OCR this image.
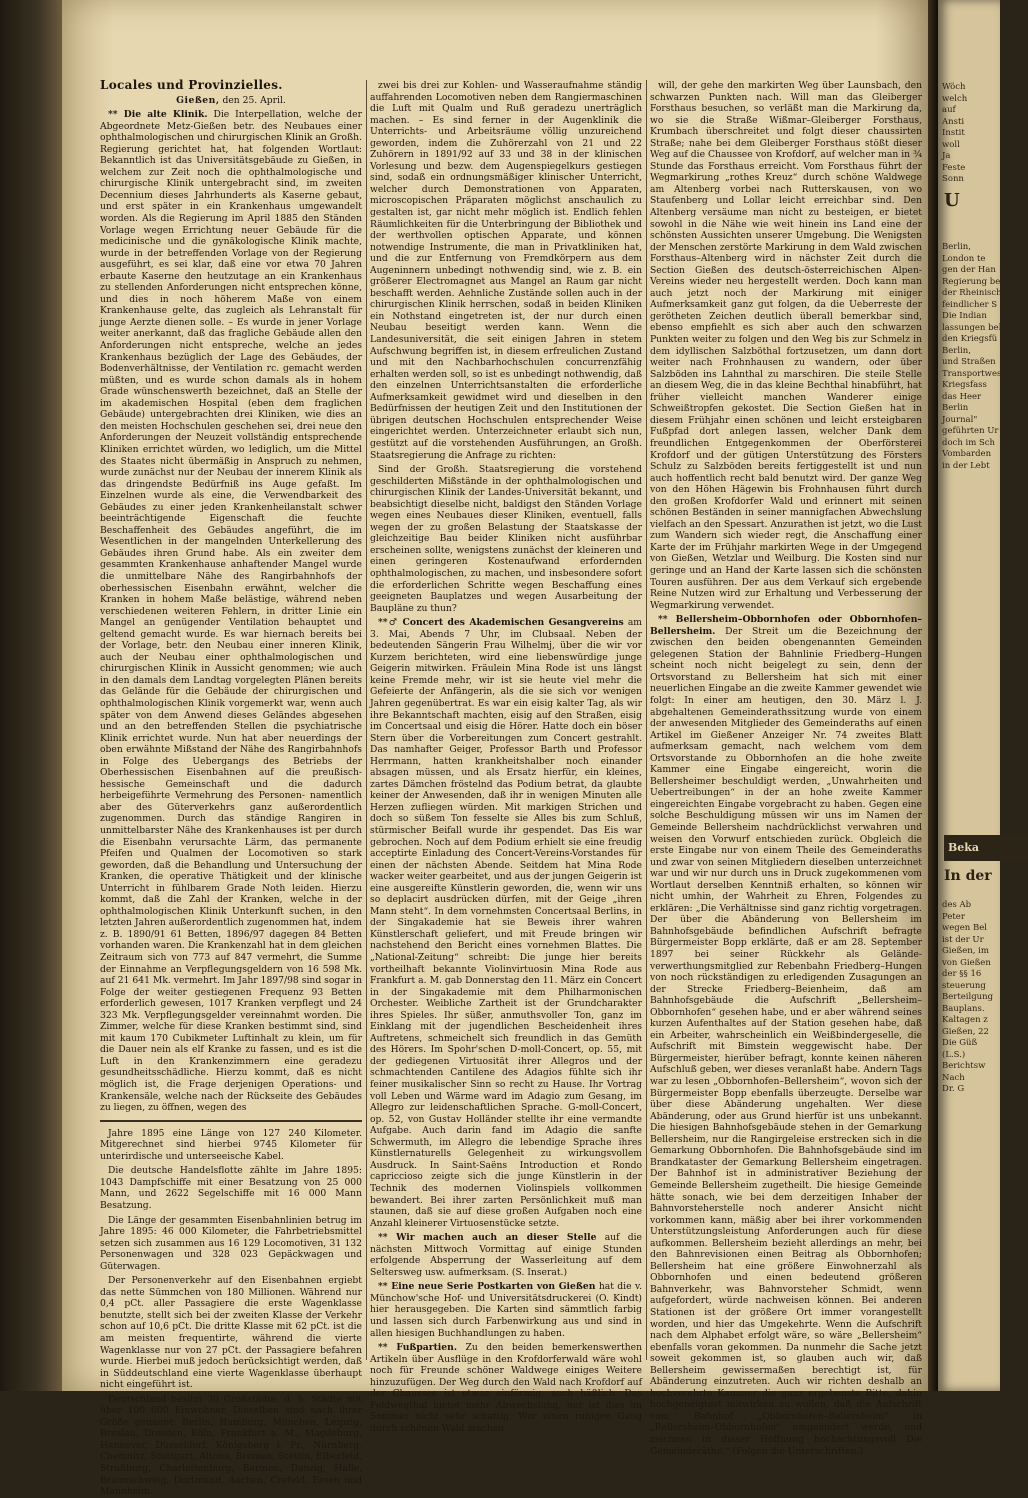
Locales und Provinzielles.
Gießen, den 25. April.

** Die alte Klinik. Die Interpellation, welche der Abgeordnete Metz-Gießen betr. des Neubaues einer ophthalmologischen und chirurgischen Klinik an Großh. Regierung gerichtet hat, hat folgenden Wortlaut: Bekanntlich ist das Universitätsgebäude zu Gießen, in welchem zur Zeit noch die ophthalmologische und chirurgische Klinik untergebracht sind, im zweiten Decennium dieses Jahrhunderts als Kaserne gebaut, und erst später in ein Krankenhaus umgewandelt worden. Als die Regierung im April 1885 den Ständen Vorlage wegen Errichtung neuer Gebäude für die medicinische und die gynäkologische Klinik machte, wurde in der betreffenden Vorlage von der Regierung ausgeführt, es sei klar, daß eine vor etwa 70 Jahren erbaute Kaserne den heutzutage an ein Krankenhaus zu stellenden Anforderungen nicht entsprechen könne, und dies in noch höherem Maße von einem Krankenhause gelte, das zugleich als Lehranstalt für junge Aerzte dienen solle. – Es wurde in jener Vorlage weiter anerkannt, daß das fragliche Gebäude allen den Anforderungen nicht entspreche, welche an jedes Krankenhaus bezüglich der Lage des Gebäudes, der Bodenverhältnisse, der Ventilation rc. gemacht werden müßten, und es wurde schon damals als in hohem Grade wünschenswerth bezeichnet, daß an Stelle der im akademischen Hospital (eben dem fraglichen Gebäude) untergebrachten drei Kliniken, wie dies an den meisten Hochschulen geschehen sei, drei neue den Anforderungen der Neuzeit vollständig entsprechende Kliniken errichtet würden, wo lediglich, um die Mittel des Staates nicht übermäßig in Anspruch zu nehmen, wurde zunächst nur der Neubau der innerem Klinik als das dringendste Bedürfniß ins Auge gefaßt. Im Einzelnen wurde als eine, die Verwendbarkeit des Gebäudes zu einer jeden Krankenheilanstalt schwer beeinträchtigende Eigenschaft die feuchte Beschaffenheit des Gebäudes angeführt, die im Wesentlichen in der mangelnden Unterkellerung des Gebäudes ihren Grund habe. Als ein zweiter dem gesammten Krankenhause anhaftender Mangel wurde die unmittelbare Nähe des Rangirbahnhofs der oberhessischen Eisenbahn erwähnt, welcher die Kranken in hohem Maße belästige, während neben verschiedenen weiteren Fehlern, in dritter Linie ein Mangel an genügender Ventilation behauptet und geltend gemacht wurde. Es war hiernach bereits bei der Vorlage, betr. den Neubau einer inneren Klinik, auch der Neubau einer ophthalmologischen und chirurgischen Klinik in Aussicht genommen; wie auch in den damals dem Landtag vorgelegten Plänen bereits das Gelände für die Gebäude der chirurgischen und ophthalmologischen Klinik vorgemerkt war, wenn auch später von dem Anwend dieses Geländes abgesehen und an den betreffenden Stellen die psychiatrische Klinik errichtet wurde. Nun hat aber neuerdings der oben erwähnte Mißstand der Nähe des Rangirbahnhofs in Folge des Uebergangs des Betriebs der Oberhessischen Eisenbahnen auf die preußisch-hessische Gemeinschaft und die dadurch herbeigeführte Vermehrung des Personen- namentlich aber des Güterverkehrs ganz außerordentlich zugenommen. Durch das ständige Rangiren in unmittelbarster Nähe des Krankenhauses ist per durch die Eisenbahn verursachte Lärm, das permanente Pfeifen und Qualmen der Locomotiven so stark geworden, daß die Behandlung und Untersuchung der Kranken, die operative Thätigkeit und der klinische Unterricht in fühlbarem Grade Noth leiden. Hierzu kommt, daß die Zahl der Kranken, welche in der ophthalmologischen Klinik Unterkunft suchen, in den letzten Jahren außerordentlich zugenommen hat, indem z. B. 1890/91 61 Betten, 1896/97 dagegen 84 Betten vorhanden waren. Die Krankenzahl hat in dem gleichen Zeitraum sich von 773 auf 847 vermehrt, die Summe der Einnahme an Verpflegungsgeldern von 16 598 Mk. auf 21 641 Mk. vermehrt. Im Jahr 1897/98 sind sogar in Folge der weiter gestiegenen Frequenz 93 Betten erforderlich gewesen, 1017 Kranken verpflegt und 24 323 Mk. Verpflegungsgelder vereinnahmt worden. Die Zimmer, welche für diese Kranken bestimmt sind, sind mit kaum 170 Cubikmeter Luftinhalt zu klein, um für die Dauer nein als elf Kranke zu fassen, und es ist die Luft in den Krankenzimmern eine geradezu gesundheitsschädliche. Hierzu kommt, daß es nicht möglich ist, die Frage derjenigen Operations- und Krankensäle, welche nach der Rückseite des Gebäudes zu liegen, zu öffnen, wegen des

Jahre 1895 eine Länge von 127 240 Kilometer. Mitgerechnet sind hierbei 9745 Kilometer für unterirdische und unterseeische Kabel.

Die deutsche Handelsflotte zählte im Jahre 1895: 1043 Dampfschiffe mit einer Besatzung von 25 000 Mann, und 2622 Segelschiffe mit 16 000 Mann Besatzung.

Die Länge der gesammten Eisenbahnlinien betrug im Jahre 1895: 46 000 Kilometer, die Fahrbetriebsmittel setzen sich zusammen aus 16 129 Locomotiven, 31 132 Personenwagen und 328 023 Gepäckwagen und Güterwagen.

Der Personenverkehr auf den Eisenbahnen ergiebt das nette Sümmchen von 180 Millionen. Während nur 0,4 pCt. aller Passagiere die erste Wagenklasse benutzte, stellt sich bei der zweiten Klasse der Verkehr schon auf 10,6 pCt. Die dritte Klasse mit 62 pCt. ist die am meisten frequentirte, während die vierte Wagenklasse nur von 27 pCt. der Passagiere befahren wurde. Hierbei muß jedoch berücksichtigt werden, daß in Süddeutschland eine vierte Wagenklasse überhaupt nicht eingeführt ist.

Deutschland besitzt 30 Großstädte, d. h. Städte mit über 100 000 Einwohner. Dieselben sind nach ihrer Größe genannt: Berlin, Hamburg, München, Leipzig, Breslau, Dresden, Köln, Frankfurt a. M., Magdeburg, Hannover, Düsseldorf, Königsberg i. Pr., Nürnberg, Chemnitz, Stuttgart, Altona, Bremen, Stettin, Elberfeld, Straßburg, Charlottenburg, Barmen, Danzig, Halle, Braunschweig, Dortmund, Aachen, Crefeld, Essen und Mannheim.

zwei bis drei zur Kohlen- und Wasseraufnahme ständig auffahrenden Locomotiven neben dem Rangiermaschinen die Luft mit Qualm und Ruß geradezu unerträglich machen. – Es sind ferner in der Augenklinik die Unterrichts- und Arbeitsräume völlig unzureichend geworden, indem die Zuhörerzahl von 21 und 22 Zuhörern in 1891/92 auf 33 und 38 in der klinischen Vorlesung und bezw. dem Augenspiegelkurs gestiegen sind, sodaß ein ordnungsmäßiger klinischer Unterricht, welcher durch Demonstrationen von Apparaten, microscopischen Präparaten möglichst anschaulich zu gestalten ist, gar nicht mehr möglich ist. Endlich fehlen Räumlichkeiten für die Unterbringung der Bibliothek und der werthvollen optischen Apparate, und können notwendige Instrumente, die man in Privatkliniken hat, und die zur Entfernung von Fremdkörpern aus dem Augeninnern unbedingt nothwendig sind, wie z. B. ein größerer Electromagnet aus Mangel an Raum gar nicht beschafft werden. Aehnliche Zustände sollen auch in der chirurgischen Klinik herrschen, sodaß in beiden Kliniken ein Nothstand eingetreten ist, der nur durch einen Neubau beseitigt werden kann. Wenn die Landesuniversität, die seit einigen Jahren in stetem Aufschwung begriffen ist, in diesem erfreulichen Zustand und mit den Nachbarhochschulen concurrenzfähig erhalten werden soll, so ist es unbedingt nothwendig, daß den einzelnen Unterrichtsanstalten die erforderliche Aufmerksamkeit gewidmet wird und dieselben in den Bedürfnissen der heutigen Zeit und den Institutionen der übrigen deutschen Hochschulen entsprechender Weise eingerichtet werden. Unterzeichneter erlaubt sich nun, gestützt auf die vorstehenden Ausführungen, an Großh. Staatsregierung die Anfrage zu richten:

Sind der Großh. Staatsregierung die vorstehend geschilderten Mißstände in der ophthalmologischen und chirurgischen Klinik der Landes-Universität bekannt, und beabsichtigt dieselbe nicht, baldigst den Ständen Vorlage wegen eines Neubaues dieser Kliniken, eventuell, falls wegen der zu großen Belastung der Staatskasse der gleichzeitige Bau beider Kliniken nicht ausführbar erscheinen sollte, wenigstens zunächst der kleineren und einen geringeren Kostenaufwand erfordernden ophthalmologischen, zu machen, und insbesondere sofort die erforderlichen Schritte wegen Beschaffung eines geeigneten Bauplatzes und wegen Ausarbeitung der Baupläne zu thun?

**♂ Concert des Akademischen Gesangvereins am 3. Mai, Abends 7 Uhr, im Clubsaal. Neben der bedeutenden Sängerin Frau Wilhelmj, über die wir vor Kurzem berichteten, wird eine liebenswürdige junge Geigerin mitwirken. Fräulein Mina Rode ist uns längst keine Fremde mehr, wir ist sie heute viel mehr die Gefeierte der Anfängerin, als die sie sich vor wenigen Jahren gegenübertrat. Es war ein eisig kalter Tag, als wir ihre Bekanntschaft machten, eisig auf den Straßen, eisig im Concertsaal und eisig die Hörer. Hatte doch ein böser Stern über die Vorbereitungen zum Concert gestrahlt. Das namhafter Geiger, Professor Barth und Professor Herrmann, hatten krankheitshalber noch einander absagen müssen, und als Ersatz hierfür, ein kleines, zartes Dämchen fröstelnd das Podium betrat, da glaubte keiner der Anwesenden, daß ihr in wenigen Minuten alle Herzen zufliegen würden. Mit markigen Strichen und doch so süßem Ton fesselte sie Alles bis zum Schluß, stürmischer Beifall wurde ihr gespendet. Das Eis war gebrochen. Noch auf dem Podium erhielt sie eine freudig acceptirte Einladung des Concert-Vereins-Vorstandes für einen der nächsten Abende. Seitdem hat Mina Rode wacker weiter gearbeitet, und aus der jungen Geigerin ist eine ausgereifte Künstlerin geworden, die, wenn wir uns so deplacirt ausdrücken dürfen, mit der Geige „ihren Mann steht“. In dem vornehmsten Concertsaal Berlins, in der Singakademie hat sie Beweis ihrer wahren Künstlerschaft geliefert, und mit Freude bringen wir nachstehend den Bericht eines vornehmen Blattes. Die „National-Zeitung“ schreibt: Die junge hier bereits vortheilhaft bekannte Violinvirtuosin Mina Rode aus Frankfurt a. M. gab Donnerstag den 11. März ein Concert in der Singakademie mit dem Philharmonischen Orchester. Weibliche Zartheit ist der Grundcharakter ihres Spieles. Ihr süßer, anmuthsvoller Ton, ganz im Einklang mit der jugendlichen Bescheidenheit ihres Auftretens, schmeichelt sich freundlich in das Gemüth des Hörers. Im Spohr'schen D-moll-Concert, op. 55, mit der gediegenen Virtuosität ihrer Allegros und der schmachtenden Cantilene des Adagios fühlte sich ihr feiner musikalischer Sinn so recht zu Hause. Ihr Vortrag voll Leben und Wärme ward im Adagio zum Gesang, im Allegro zur leidenschaftlichen Sprache. G-moll-Concert, op. 52, von Gustav Holländer stellte ihr eine vermandte Aufgabe. Auch darin fand im Adagio die sanfte Schwermuth, im Allegro die lebendige Sprache ihres Künstlernaturells Gelegenheit zu wirkungsvollem Ausdruck. In Saint-Saëns Introduction et Rondo capriccioso zeigte sich die junge Künstlerin in der Technik des modernen Violinspiels vollkommen bewandert. Bei ihrer zarten Persönlichkeit muß man staunen, daß sie auf diese großen Aufgaben noch eine Anzahl kleinerer Virtuosenstücke setzte.

** Wir machen auch an dieser Stelle auf die nächsten Mittwoch Vormittag auf einige Stunden erfolgende Absperrung der Wasserleitung auf dem Seltersweg usw. aufmerksam. (S. Inserat.)

** Eine neue Serie Postkarten von Gießen hat die v. Münchow'sche Hof- und Universitätsdruckerei (O. Kindt) hier herausgegeben. Die Karten sind sämmtlich farbig und lassen sich durch Farbenwirkung aus und sind in allen hiesigen Buchhandlungen zu haben.

** Fußpartien. Zu den beiden bemerkenswerthen Artikeln über Ausflüge in den Krofdorferwald wäre wohl noch für Freunde schöner Waldwege einiges Weitere hinzuzufügen. Der Weg durch den Wald nach Krofdorf auf der Chaussee ist etwas einförmig, auch häßlich. Das Feldwegthal bietet mehr Abwechslung, nur ist dies im Sommer nicht sehr schattig. Wer einen ruhigen Gang durch schönen Wald machen

will, der gehe den markirten Weg über Launsbach, den schwarzen Punkten nach. Will man das Gleiberger Forsthaus besuchen, so verläßt man die Markirung da, wo sie die Straße Wißmar–Gleiberger Forsthaus, Krumbach überschreitet und folgt dieser chaussirten Straße; nahe bei dem Gleiberger Forsthaus stößt dieser Weg auf die Chaussee von Krofdorf, auf welcher man in ¾ Stunde das Forsthaus erreicht. Vom Forsthaus führt der Wegmarkirung „rothes Kreuz“ durch schöne Waldwege am Altenberg vorbei nach Rutterskausen, von wo Staufenberg und Lollar leicht erreichbar sind. Den Altenberg versäume man nicht zu besteigen, er bietet sowohl in die Nähe wie weit hinein ins Land eine der schönsten Aussichten unserer Umgebung. Die Wenigsten der Menschen zerstörte Markirung in dem Wald zwischen Forsthaus–Altenberg wird in nächster Zeit durch die Section Gießen des deutsch-österreichischen Alpen-Vereins wieder neu hergestellt werden. Doch kann man auch jetzt noch der Markirung mit einiger Aufmerksamkeit ganz gut folgen, da die Ueberreste der gerötheten Zeichen deutlich überall bemerkbar sind, ebenso empfiehlt es sich aber auch den schwarzen Punkten weiter zu folgen und den Weg bis zur Schmelz in dem idyllischen Salzböthal fortzusetzen, um dann dort weiter nach Frohnhausen zu wandern, oder über Salzböden ins Lahnthal zu marschiren. Die steile Stelle an diesem Weg, die in das kleine Bechthal hinabführt, hat früher vielleicht manchen Wanderer einige Schweißtropfen gekostet. Die Section Gießen hat in diesem Frühjahr einen schönen und leicht ersteigbaren Fußpfad dort anlegen lassen, welcher Dank dem freundlichen Entgegenkommen der Oberförsterei Krofdorf und der gütigen Unterstützung des Försters Schulz zu Salzböden bereits fertiggestellt ist und nun auch hoffentlich recht bald benutzt wird. Der ganze Weg von den Höhen Hägewin bis Frohnhausen führt durch den großen Krofdorfer Wald und erinnert mit seinen schönen Beständen in seiner mannigfachen Abwechslung vielfach an den Spessart. Anzurathen ist jetzt, wo die Lust zum Wandern sich wieder regt, die Anschaffung einer Karte der im Frühjahr markirten Wege in der Umgegend von Gießen, Wetzlar und Weilburg. Die Kosten sind nur geringe und an Hand der Karte lassen sich die schönsten Touren ausführen. Der aus dem Verkauf sich ergebende Reine Nutzen wird zur Erhaltung und Verbesserung der Wegmarkirung verwendet.

** Bellersheim–Obbornhofen oder Obbornhofen–Bellersheim. Der Streit um die Bezeichnung der zwischen den beiden obengenannten Gemeinden gelegenen Station der Bahnlinie Friedberg–Hungen scheint noch nicht beigelegt zu sein, denn der Ortsvorstand zu Bellersheim hat sich mit einer neuerlichen Eingabe an die zweite Kammer gewendet wie folgt: In einer am heutigen, den 30. März l. J. abgehaltenen Gemeinderathssitzung wurde von einem der anwesenden Mitglieder des Gemeinderaths auf einen Artikel im Gießener Anzeiger Nr. 74 zweites Blatt aufmerksam gemacht, nach welchem vom dem Ortsvorstande zu Obbornhofen an die hohe zweite Kammer eine Eingabe eingereicht, worin die Bellersheimer beschuldigt werden, „Unwahrheiten und Uebertreibungen“ in der an hohe zweite Kammer eingereichten Eingabe vorgebracht zu haben. Gegen eine solche Beschuldigung müssen wir uns im Namen der Gemeinde Bellersheim nachdrücklichst verwahren und weisen den Vorwurf entschieden zurück. Obgleich die erste Eingabe nur von einem Theile des Gemeinderaths und zwar von seinen Mitgliedern dieselben unterzeichnet war und wir nur durch uns in Druck zugekommenen vom Wortlaut derselben Kenntniß erhalten, so können wir nicht umhin, der Wahrheit zu Ehren, Folgendes zu erklären: „Die Verhältnisse sind ganz richtig vorgetragen. Der über die Abänderung von Bellersheim im Bahnhofsgebäude befindlichen Aufschrift befragte Bürgermeister Bopp erklärte, daß er am 28. September 1897 bei seiner Rückkehr als Gelände-verwerthungsmitglied zur Rebenbahn Friedberg–Hungen von noch rückständigen zu erledigenden Zusagungen an der Strecke Friedberg–Beienheim, daß am Bahnhofsgebäude die Aufschrift „Bellersheim–Obbornhofen“ gesehen habe, und er aber während seines kurzen Aufenthaltes auf der Station gesehen habe, daß ein Arbeiter, wahrscheinlich ein Weißbindergeselle, die Aufschrift mit Bimstein weggewischt habe. Der Bürgermeister, hierüber befragt, konnte keinen näheren Aufschluß geben, wer dieses veranlaßt habe. Andern Tags war zu lesen „Obbornhofen–Bellersheim“, wovon sich der Bürgermeister Bopp ebenfalls überzeugte. Derselbe war über diese Abänderung ungehalten. Wer diese Abänderung, oder aus Grund hierfür ist uns unbekannt. Die hiesigen Bahnhofsgebäude stehen in der Gemarkung Bellersheim, nur die Rangirgeleise erstrecken sich in die Gemarkung Obbornhofen. Die Bahnhofsgebäude sind im Brandkataster der Gemarkung Bellersheim eingetragen. Der Bahnhof ist in administrativer Beziehung der Gemeinde Bellersheim zugetheilt. Die hiesige Gemeinde hätte sonach, wie bei dem derzeitigen Inhaber der Bahnvorsteherstelle noch anderer Ansicht nicht vorkommen kann, mäßig aber bei ihrer vorkommenden Unterstützungsleistung Anforderungen auch für diese aufkommen. Bellersheim bezieht allerdings an mehr, bei den Bahnrevisionen einen Beitrag als Obbornhofen; Bellersheim hat eine größere Einwohnerzahl als Obbornhofen und einen bedeutend größeren Bahnverkehr, was Bahnvorsteher Schmidt, wenn aufgefordert, würde nachweisen können. Bei anderen Stationen ist der größere Ort immer vorangestellt worden, und hier das Umgekehrte. Wenn die Aufschrift nach dem Alphabet erfolgt wäre, so wäre „Bellersheim“ ebenfalls voran gekommen. Da nunmehr die Sache jetzt soweit gekommen ist, so glauben auch wir, daß Bellersheim gewissermaßen berechtigt ist, für Abänderung einzutreten. Auch wir richten deshalb an hochverehrte Kammer die ganz ergebenste Bitte, dahin hochgeneigtest mitwirken zu wollen, daß die Aufschrift vom Bahnhof „Obbornhofen–Bellersheim“ in „Bellersheim–Obbornhofen“ umgeändert werde, und zeichnen in dieser Hoffnung hochachtungsvoll Die Gemeinderäthe.“ (Folgen die Unterschriften.)

Wöch
welch
auf
Ansti
Instit
woll
Ja
Feste
Sonn
U
Berlin,
London te
gen der Han
Regierung be
der Rheinische
feindlicher S
Die Indian
lassungen beh
den Kriegsfü
Berlin,
und Straßen
Transportwess
Kriegsfass
das Heer
Berlin
Journal"
geführten Ur
doch im Sch
Vombarden
in der Lebt
Beka
In der
des Ab
Peter
wegen Bel
ist der Ur
Gießen, im
von Gießen
der §§ 16
steuerung
Berteilgung
Bauplans.
Kaltagen z
Gießen, 22
Die Güß
(L.S.)
Berichtsw
Nach
Dr. G
